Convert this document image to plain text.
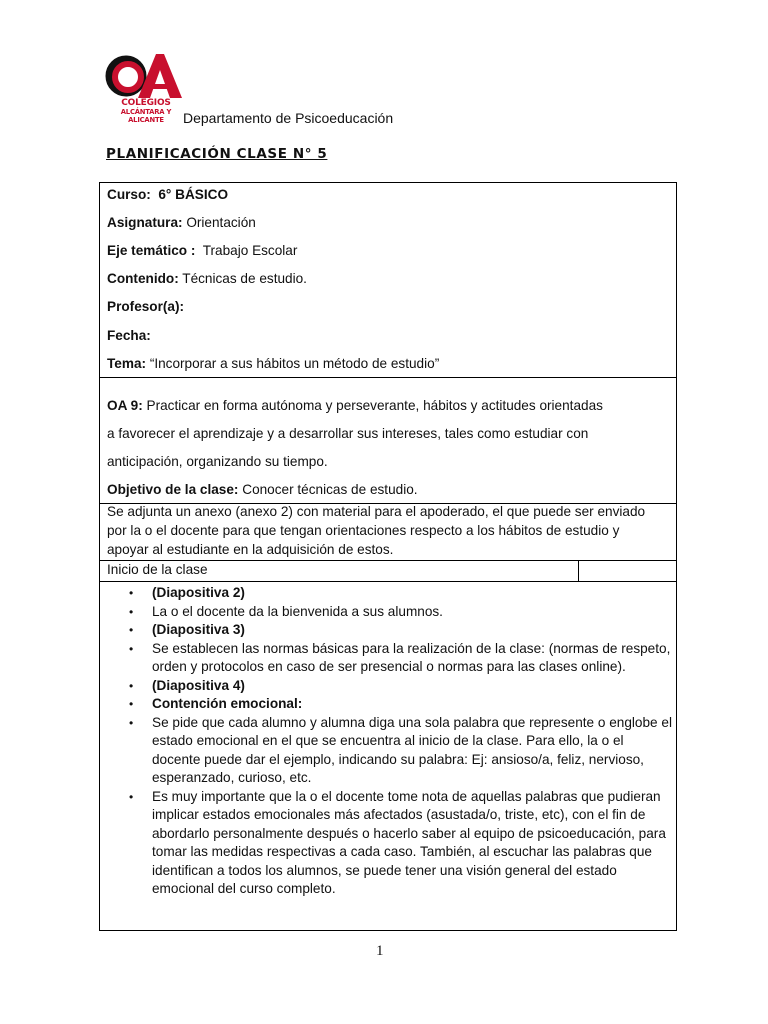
COLEGIOS
ALCÁNTARA Y ALICANTE	Departamento de Psicoeducación
PLANIFICACIÓN CLASE N° 5
Curso: 6° BÁSICO
Asignatura: Orientación
Eje temático : Trabajo Escolar
Contenido: Técnicas de estudio.
Profesor(a):
Fecha:
Tema: “Incorporar a sus hábitos un método de estudio”
OA 9: Practicar en forma autónoma y perseverante, hábitos y actitudes orientadas
a favorecer el aprendizaje y a desarrollar sus intereses, tales como estudiar con
anticipación, organizando su tiempo.
Objetivo de la clase: Conocer técnicas de estudio.
Se adjunta un anexo (anexo 2) con material para el apoderado, el que puede ser enviado
por la o el docente para que tengan orientaciones respecto a los hábitos de estudio y
apoyar al estudiante en la adquisición de estos.
Inicio de la clase
• (Diapositiva 2)
• La o el docente da la bienvenida a sus alumnos.
• (Diapositiva 3)
• Se establecen las normas básicas para la realización de la clase: (normas de respeto, orden y protocolos en caso de ser presencial o normas para las clases online).
• (Diapositiva 4)
• Contención emocional:
• Se pide que cada alumno y alumna diga una sola palabra que represente o englobe el estado emocional en el que se encuentra al inicio de la clase. Para ello, la o el docente puede dar el ejemplo, indicando su palabra: Ej: ansioso/a, feliz, nervioso, esperanzado, curioso, etc.
• Es muy importante que la o el docente tome nota de aquellas palabras que pudieran implicar estados emocionales más afectados (asustada/o, triste, etc), con el fin de abordarlo personalmente después o hacerlo saber al equipo de psicoeducación, para tomar las medidas respectivas a cada caso. También, al escuchar las palabras que identifican a todos los alumnos, se puede tener una visión general del estado emocional del curso completo.
1
